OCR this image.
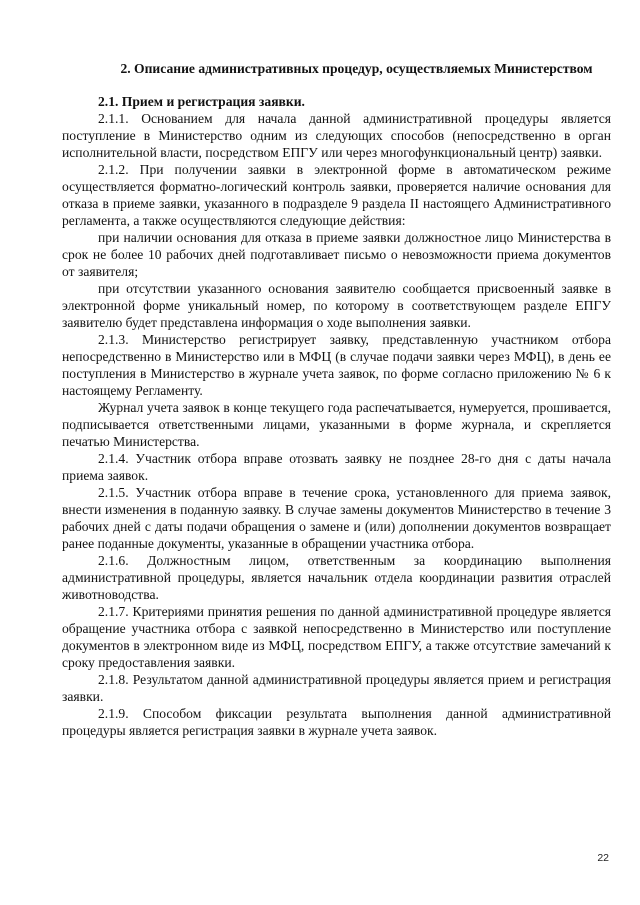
2. Описание административных процедур, осуществляемых Министерством

2.1. Прием и регистрация заявки.

2.1.1. Основанием для начала данной административной процедуры является поступление в Министерство одним из следующих способов (непосредственно в орган исполнительной власти, посредством ЕПГУ или через многофункциональный центр) заявки.

2.1.2. При получении заявки в электронной форме в автоматическом режиме осуществляется форматно-логический контроль заявки, проверяется наличие основания для отказа в приеме заявки, указанного в подразделе 9 раздела II настоящего Административного регламента, а также осуществляются следующие действия:

при наличии основания для отказа в приеме заявки должностное лицо Министерства в срок не более 10 рабочих дней подготавливает письмо о невозможности приема документов от заявителя;

при отсутствии указанного основания заявителю сообщается присвоенный заявке в электронной форме уникальный номер, по которому в соответствующем разделе ЕПГУ заявителю будет представлена информация о ходе выполнения заявки.

2.1.3. Министерство регистрирует заявку, представленную участником отбора непосредственно в Министерство или в МФЦ (в случае подачи заявки через МФЦ), в день ее поступления в Министерство в журнале учета заявок, по форме согласно приложению № 6 к настоящему Регламенту.

Журнал учета заявок в конце текущего года распечатывается, нумеруется, прошивается, подписывается ответственными лицами, указанными в форме журнала, и скрепляется печатью Министерства.

2.1.4. Участник отбора вправе отозвать заявку не позднее 28-го дня с даты начала приема заявок.

2.1.5. Участник отбора вправе в течение срока, установленного для приема заявок, внести изменения в поданную заявку. В случае замены документов Министерство в течение 3 рабочих дней с даты подачи обращения о замене и (или) дополнении документов возвращает ранее поданные документы, указанные в обращении участника отбора.

2.1.6. Должностным лицом, ответственным за координацию выполнения административной процедуры, является начальник отдела координации развития отраслей животноводства.

2.1.7. Критериями принятия решения по данной административной процедуре является обращение участника отбора с заявкой непосредственно в Министерство или поступление документов в электронном виде из МФЦ, посредством ЕПГУ, а также отсутствие замечаний к сроку предоставления заявки.

2.1.8. Результатом данной административной процедуры является прием и регистрация заявки.

2.1.9. Способом фиксации результата выполнения данной административной процедуры является регистрация заявки в журнале учета заявок.

22
